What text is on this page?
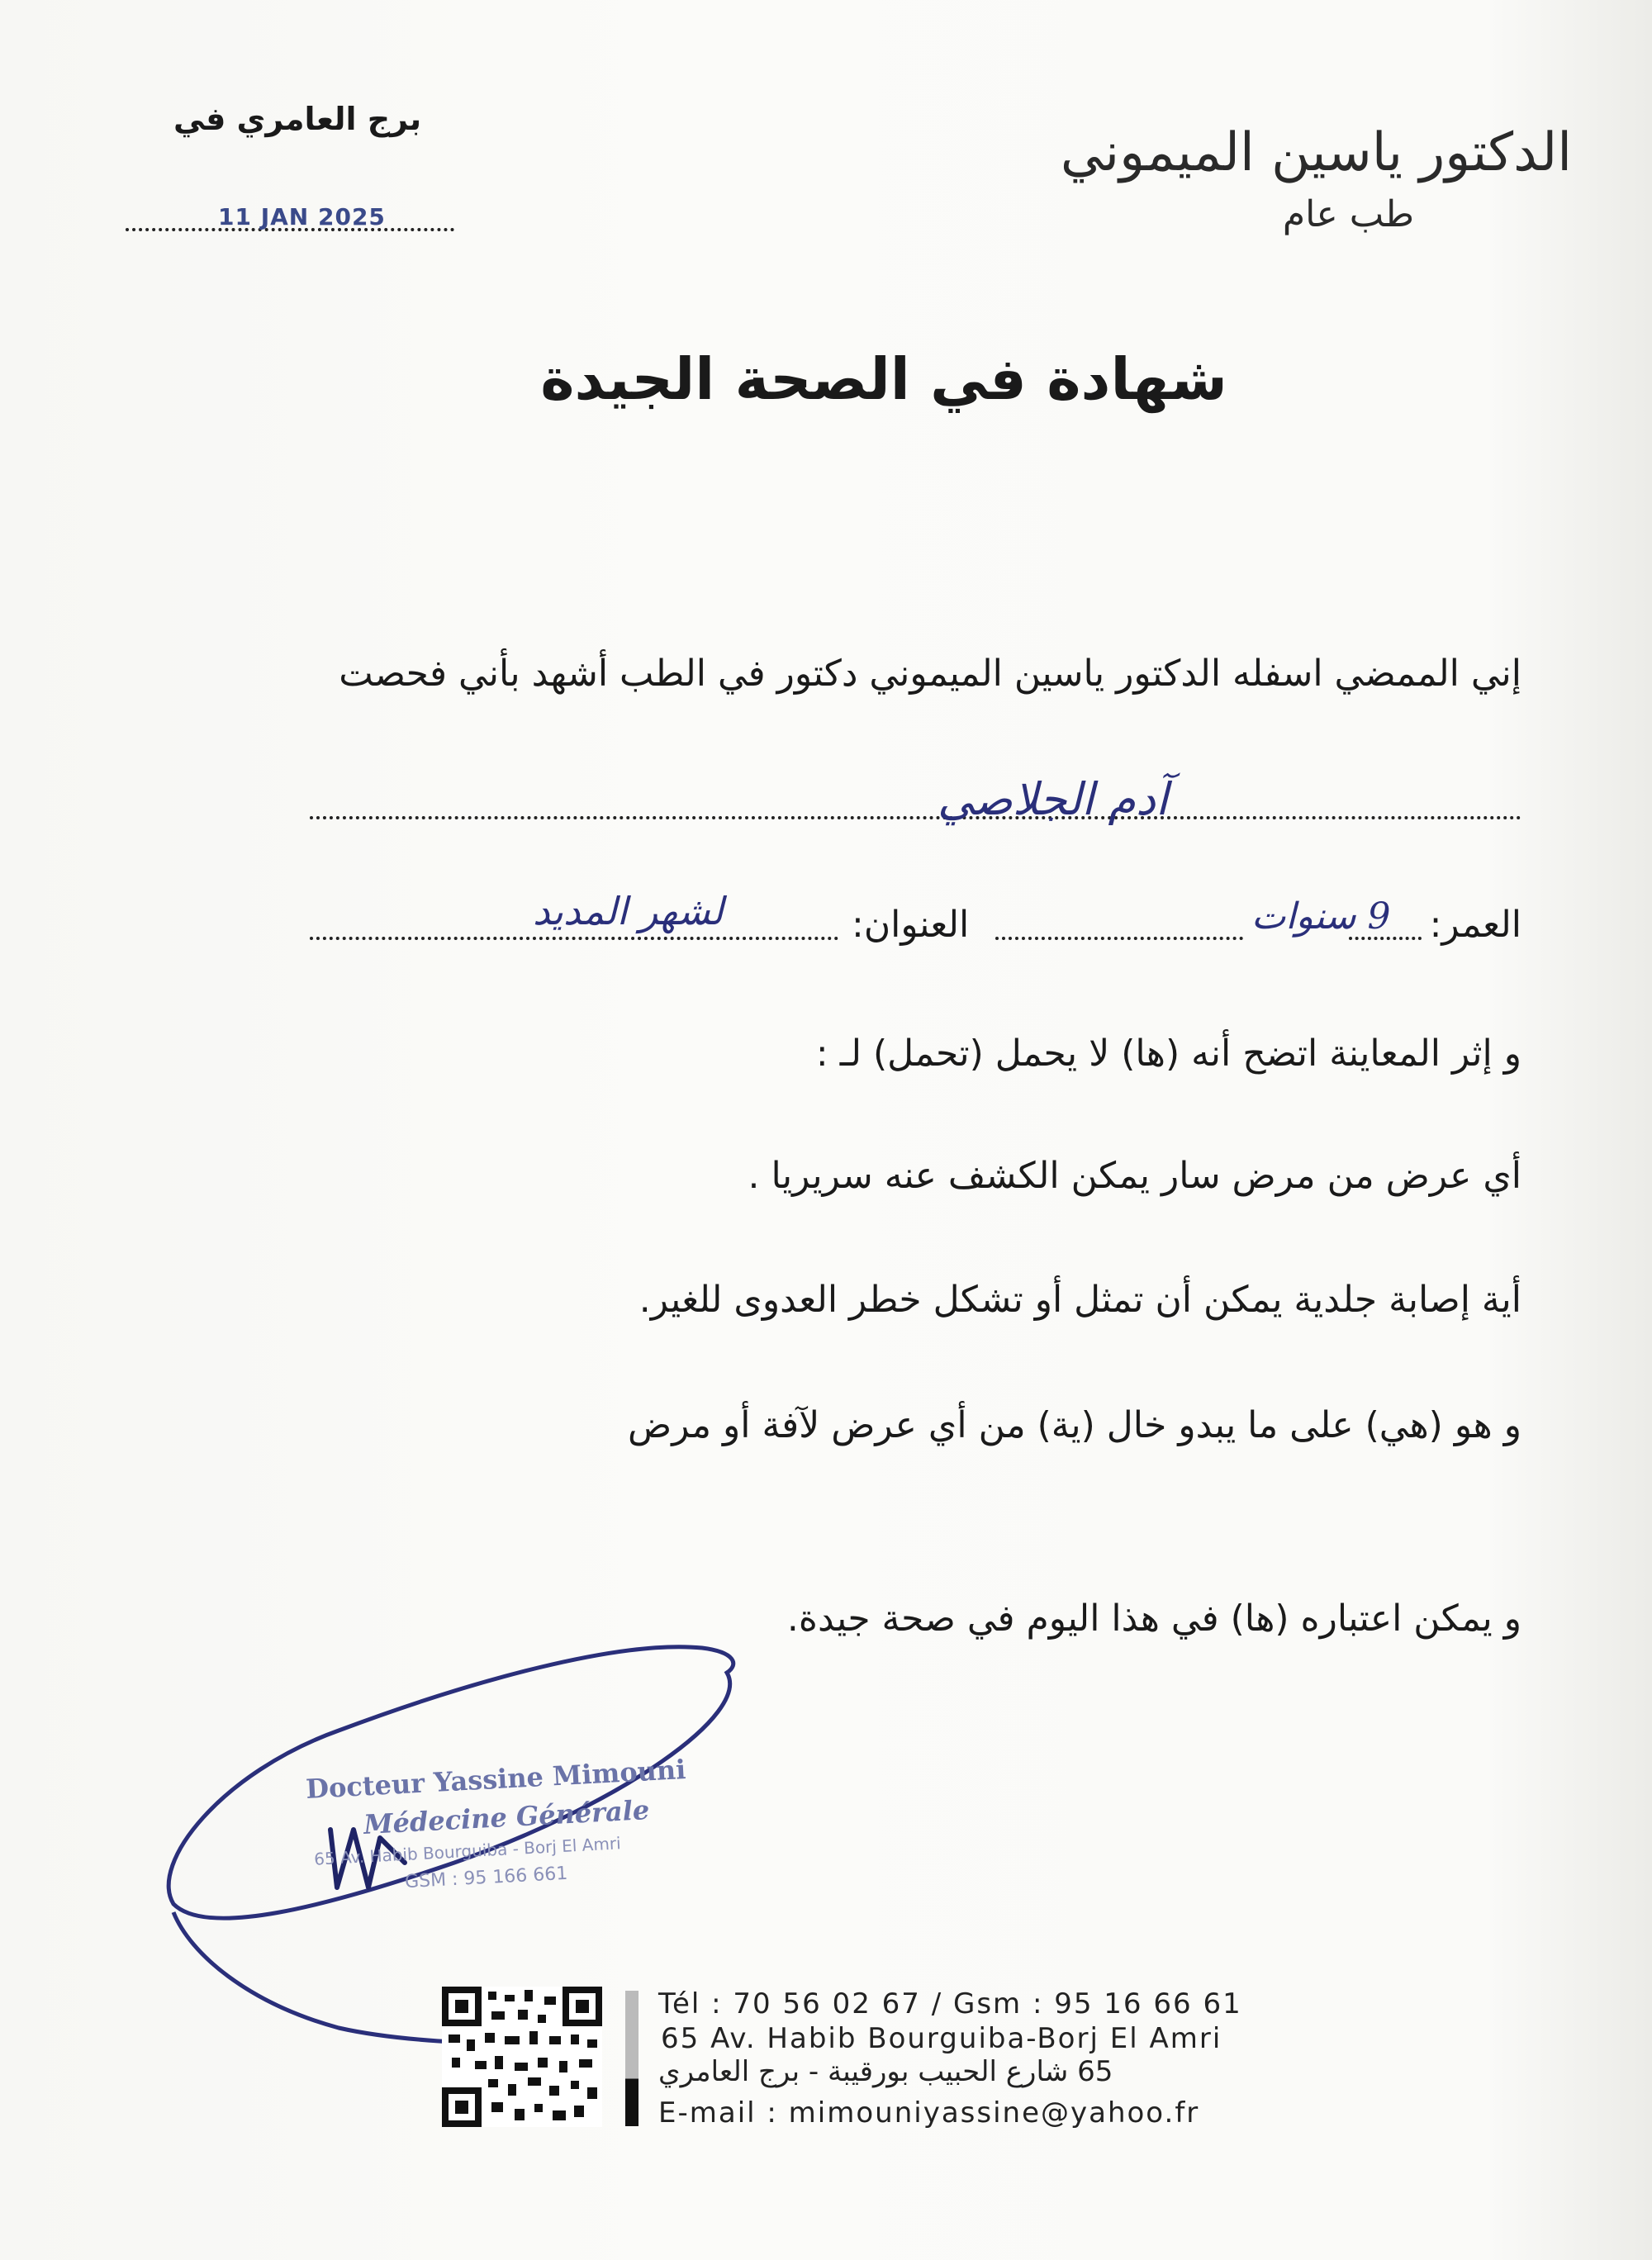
برج العامري في
11 JAN 2025
الدكتور ياسين الميموني
طب عام
شهادة في الصحة الجيدة
إني الممضي اسفله الدكتور ياسين الميموني دكتور في الطب أشهد بأني فحصت
آدم الجلاصي
العمر:
9 سنوات
العنوان:
لشهر المديد
و إثر المعاينة اتضح أنه (ها) لا يحمل (تحمل) لـ :
أي عرض من مرض سار يمكن الكشف عنه سريريا .
أية إصابة جلدية يمكن أن تمثل أو تشكل خطر العدوى للغير.
و هو (هي) على ما يبدو خال (ية) من أي عرض لآفة أو مرض
و يمكن اعتباره (ها) في هذا اليوم في صحة جيدة.
Docteur Yassine Mimouni
Médecine Générale
65 Av. Habib Bourguiba - Borj El Amri
GSM : 95 166 661
Tél : 70 56 02 67 / Gsm : 95 16 66 61
65 Av. Habib Bourguiba-Borj El Amri
65 شارع الحبيب بورقيبة - برج العامري
E-mail : mimouniyassine@yahoo.fr
